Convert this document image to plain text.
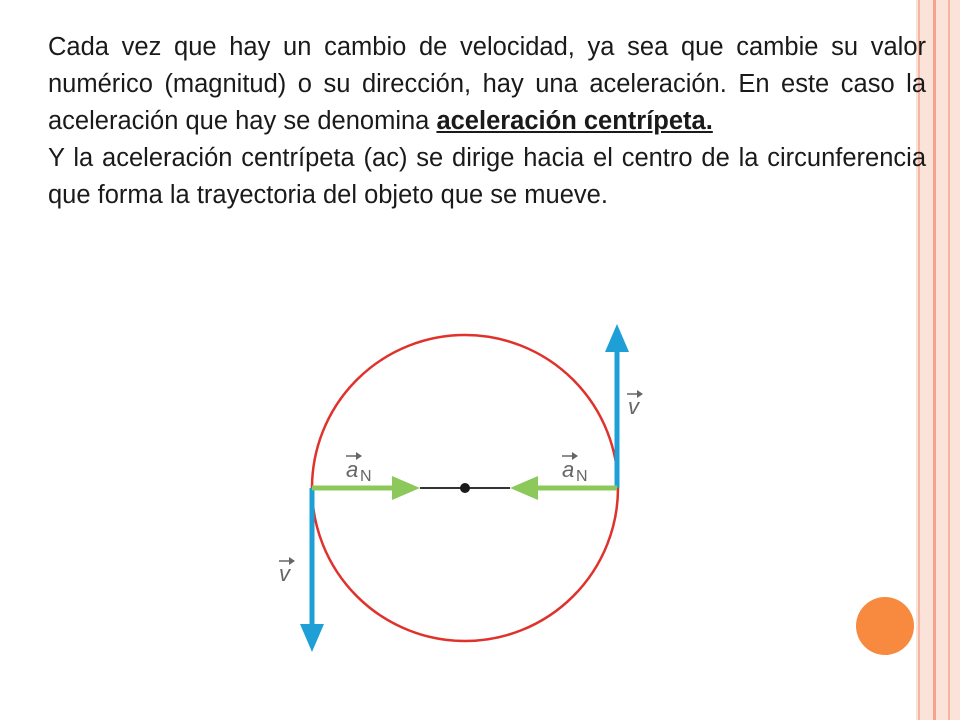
Cada vez que hay un cambio de velocidad, ya sea que cambie su valor numérico (magnitud) o su dirección, hay una aceleración. En este caso la aceleración que hay se denomina aceleración centrípeta.

Y la aceleración centrípeta (ac) se dirige hacia el centro de la circunferencia que forma la trayectoria del objeto que se mueve.

v
v
a N	a N
